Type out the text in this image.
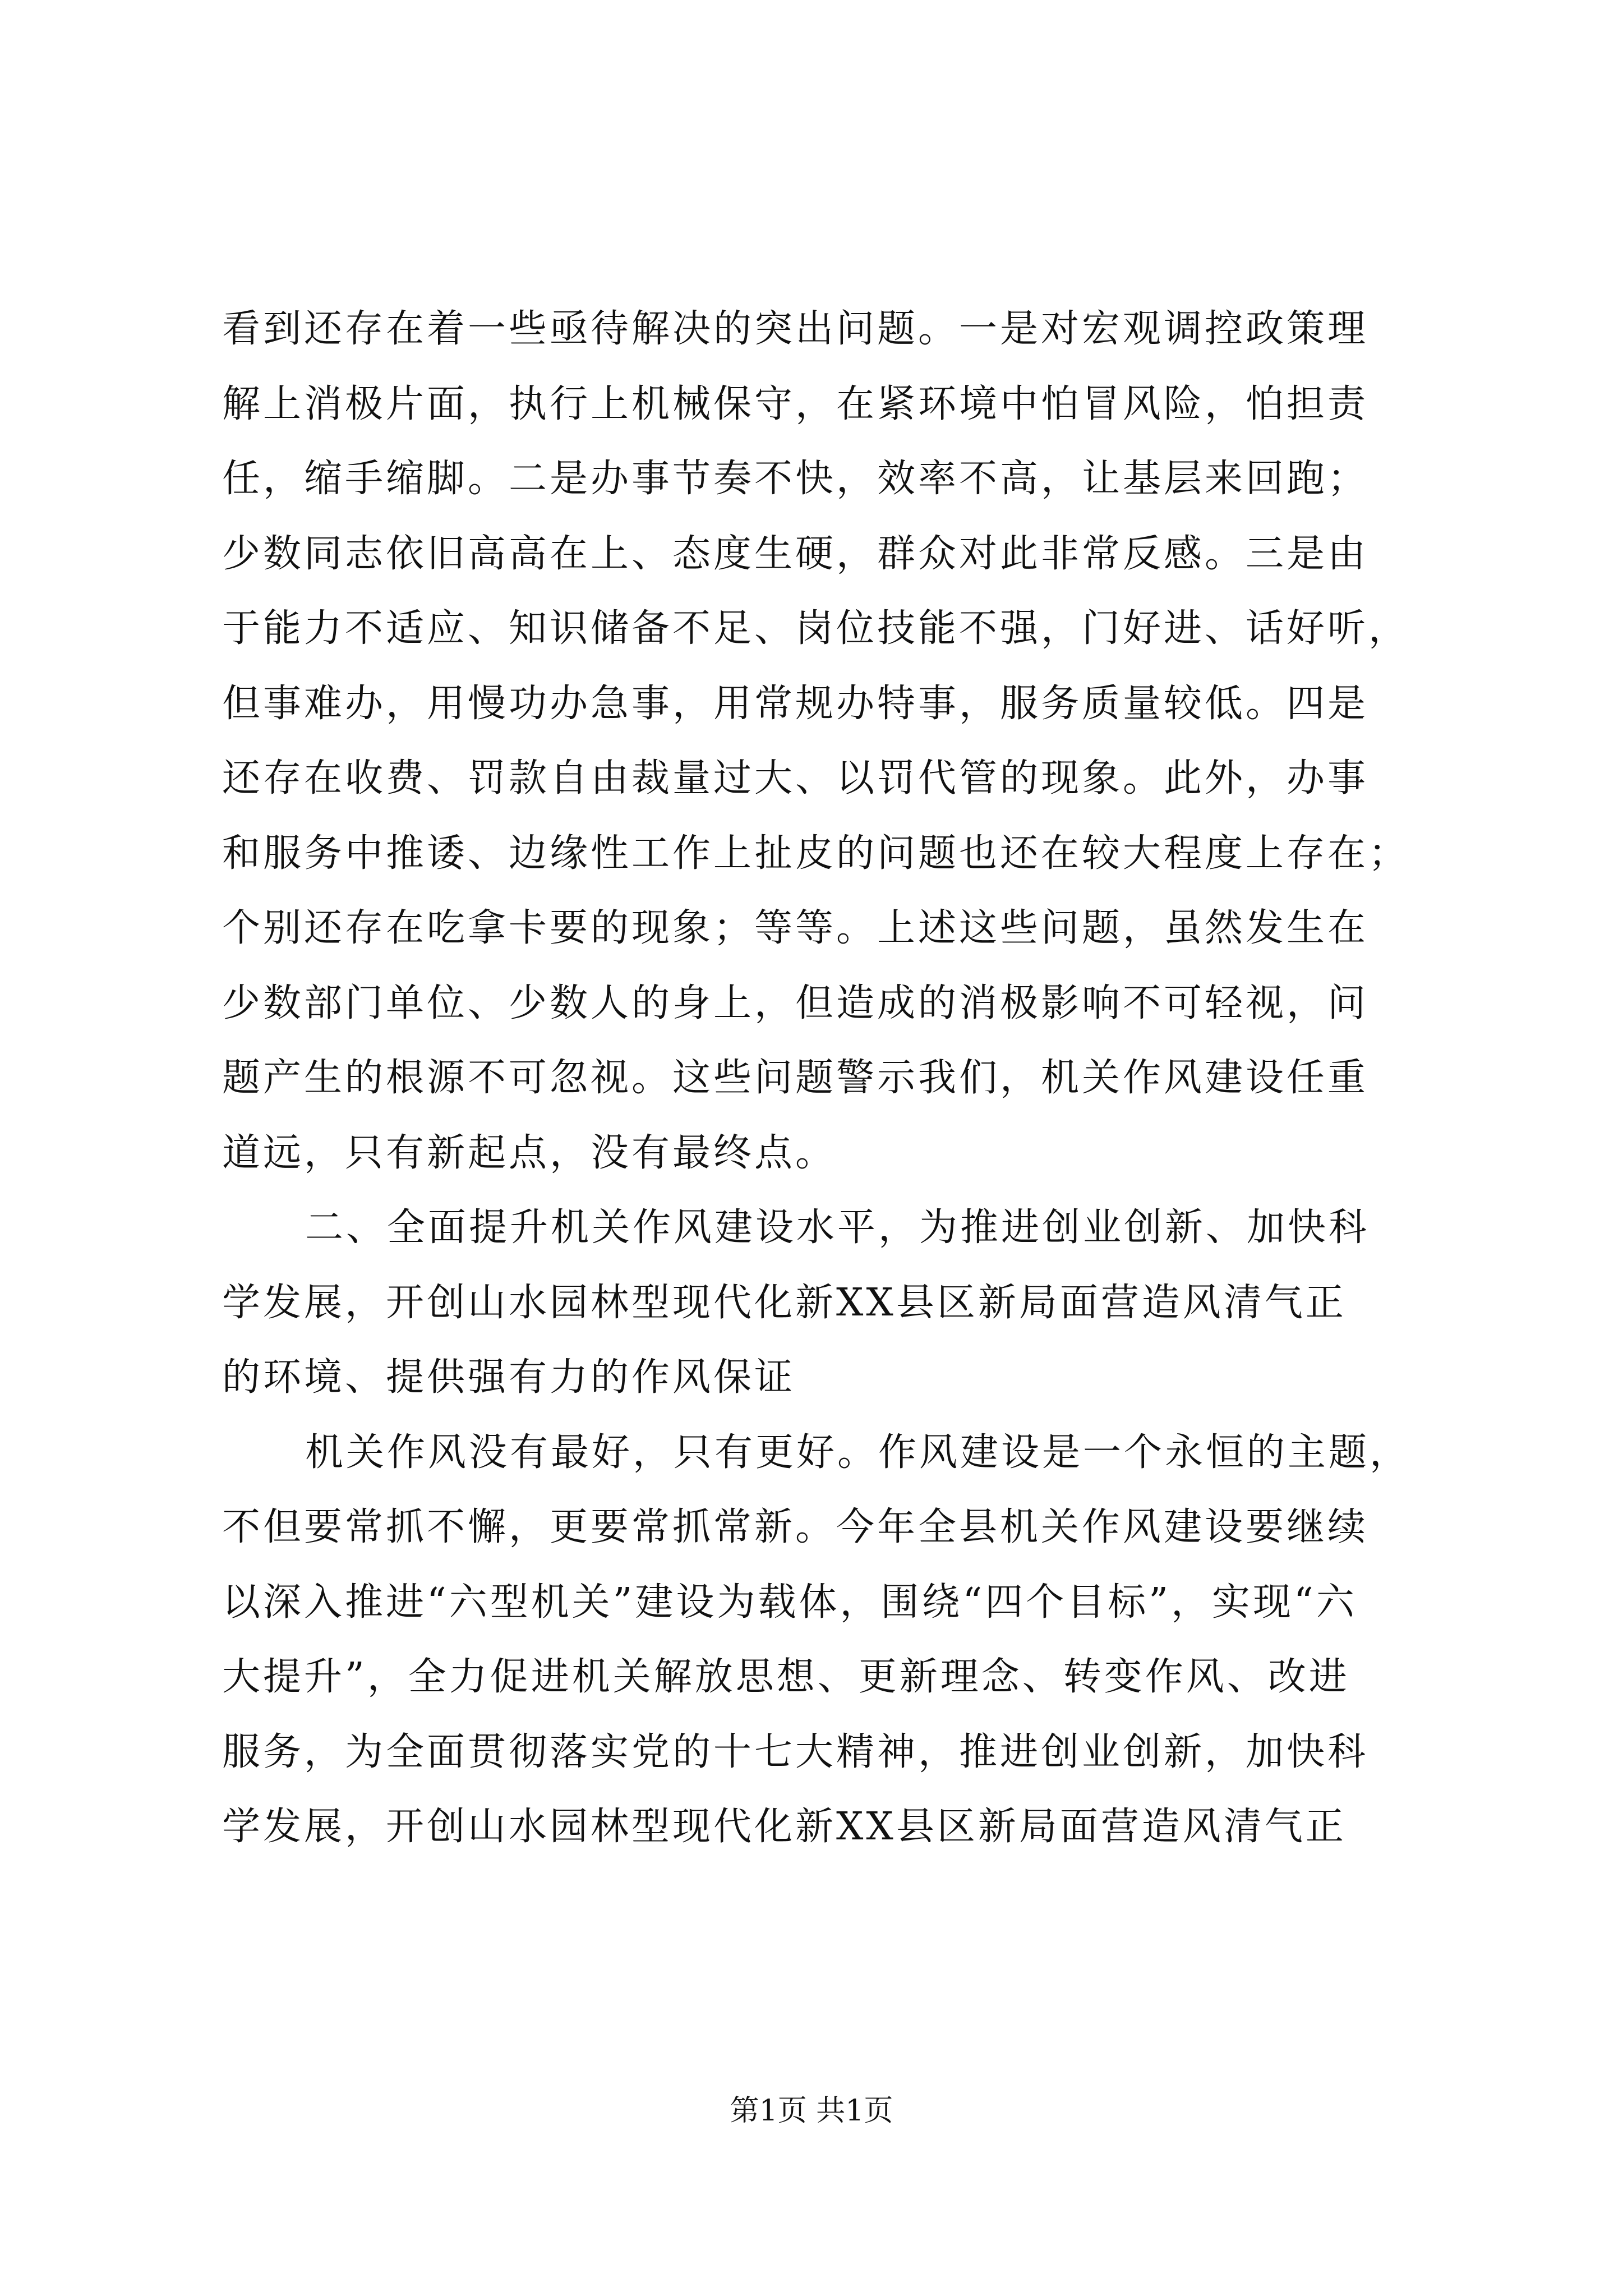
看到还存在着一些亟待解决的突出问题。一是对宏观调控政策理
解上消极片面，执行上机械保守，在紧环境中怕冒风险，怕担责
任，缩手缩脚。二是办事节奏不快，效率不高，让基层来回跑；
少数同志依旧高高在上、态度生硬，群众对此非常反感。三是由
于能力不适应、知识储备不足、岗位技能不强，门好进、话好听，
但事难办，用慢功办急事，用常规办特事，服务质量较低。四是
还存在收费、罚款自由裁量过大、以罚代管的现象。此外，办事
和服务中推诿、边缘性工作上扯皮的问题也还在较大程度上存在；
个别还存在吃拿卡要的现象；等等。上述这些问题，虽然发生在
少数部门单位、少数人的身上，但造成的消极影响不可轻视，问
题产生的根源不可忽视。这些问题警示我们，机关作风建设任重
道远，只有新起点，没有最终点。
二、全面提升机关作风建设水平，为推进创业创新、加快科
学发展，开创山水园林型现代化新XX县区新局面营造风清气正
的环境、提供强有力的作风保证
机关作风没有最好，只有更好。作风建设是一个永恒的主题，
不但要常抓不懈，更要常抓常新。今年全县机关作风建设要继续
以深入推进“六型机关”建设为载体，围绕“四个目标”，实现“六
大提升”，全力促进机关解放思想、更新理念、转变作风、改进
服务，为全面贯彻落实党的十七大精神，推进创业创新，加快科
学发展，开创山水园林型现代化新XX县区新局面营造风清气正
第1页 共1页
